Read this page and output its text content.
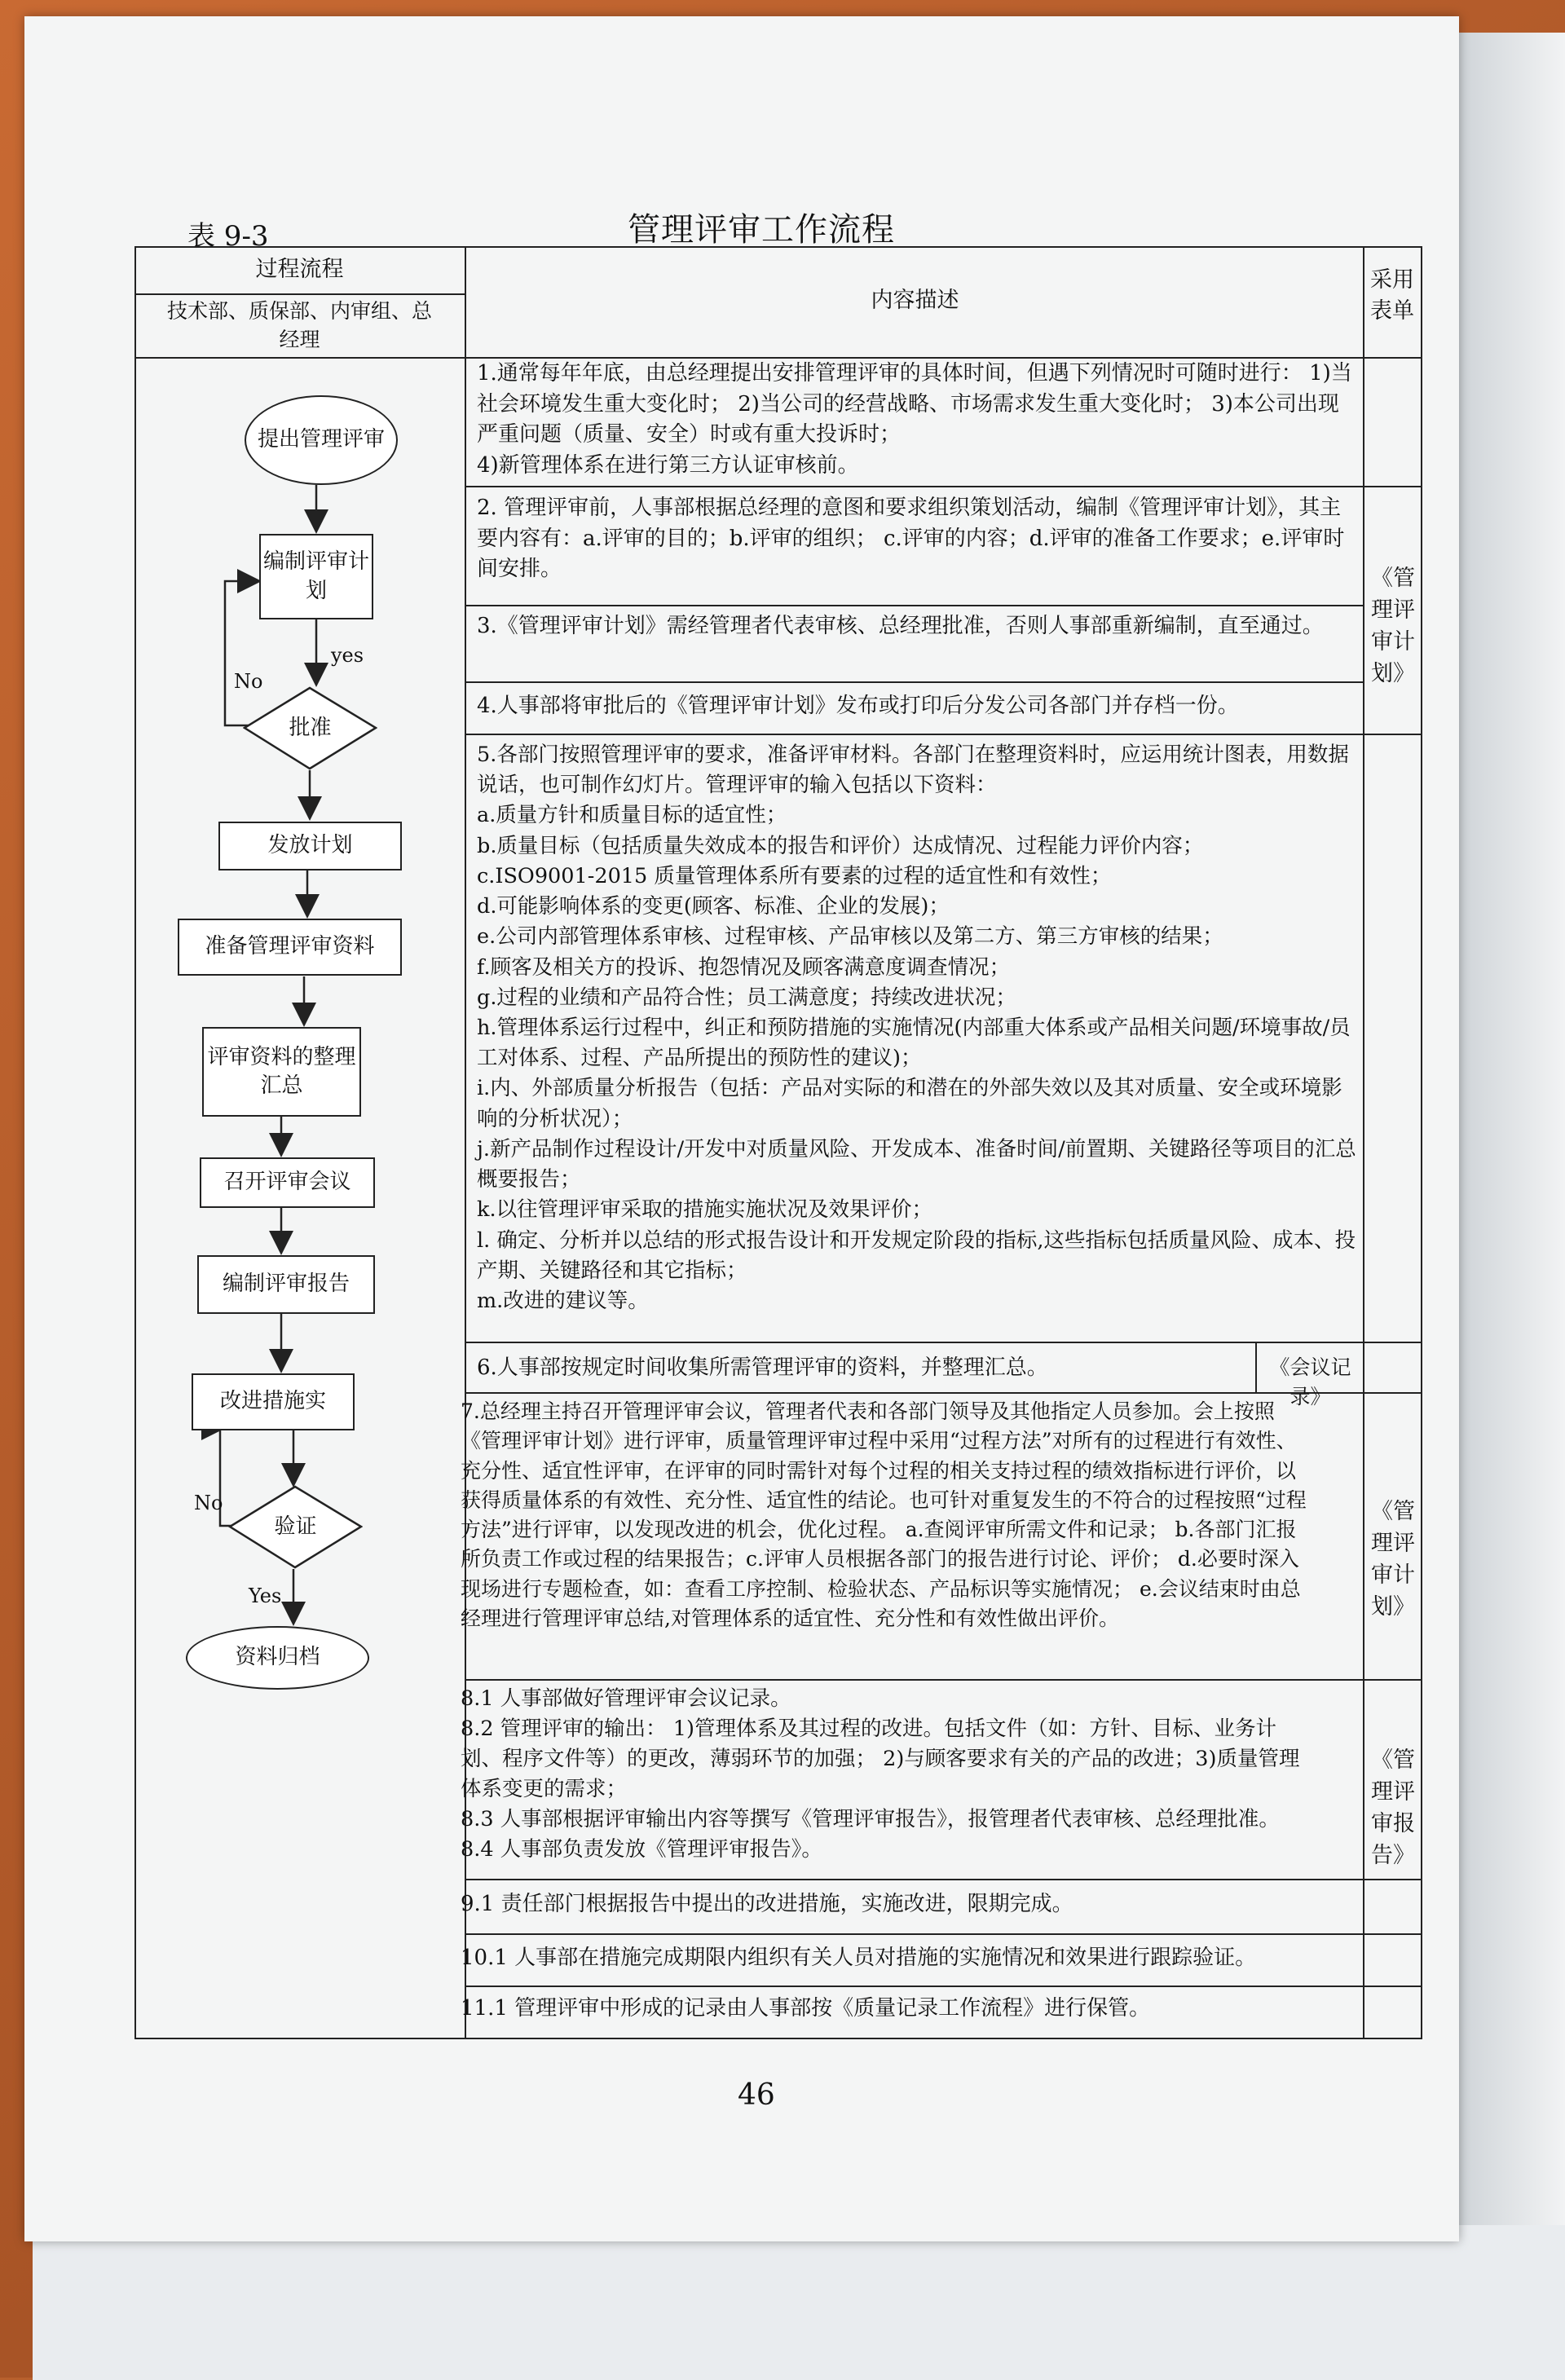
表 9-3	管理评审工作流程
过程流程
技术部、质保部、内审组、总经理
内容描述
采用表单
1.通常每年年底，由总经理提出安排管理评审的具体时间，但遇下列情况时可随时进行： 1)当社会环境发生重大变化时； 2)当公司的经营战略、市场需求发生重大变化时； 3)本公司出现严重问题（质量、安全）时或有重大投诉时；
4)新管理体系在进行第三方认证审核前。
2. 管理评审前，人事部根据总经理的意图和要求组织策划活动，编制《管理评审计划》，其主要内容有：a.评审的目的；b.评审的组织； c.评审的内容；d.评审的准备工作要求；e.评审时间安排。
3.《管理评审计划》需经管理者代表审核、总经理批准，否则人事部重新编制，直至通过。
4.人事部将审批后的《管理评审计划》发布或打印后分发公司各部门并存档一份。
5.各部门按照管理评审的要求，准备评审材料。各部门在整理资料时，应运用统计图表，用数据说话，也可制作幻灯片。管理评审的输入包括以下资料：
a.质量方针和质量目标的适宜性；
b.质量目标（包括质量失效成本的报告和评价）达成情况、过程能力评价内容；
c.ISO9001-2015 质量管理体系所有要素的过程的适宜性和有效性；
d.可能影响体系的变更(顾客、标准、企业的发展)；
e.公司内部管理体系审核、过程审核、产品审核以及第二方、第三方审核的结果；
f.顾客及相关方的投诉、抱怨情况及顾客满意度调查情况；
g.过程的业绩和产品符合性；员工满意度；持续改进状况；
h.管理体系运行过程中，纠正和预防措施的实施情况(内部重大体系或产品相关问题/环境事故/员工对体系、过程、产品所提出的预防性的建议)；
i.内、外部质量分析报告（包括：产品对实际的和潜在的外部失效以及其对质量、安全或环境影响的分析状况）；
j.新产品制作过程设计/开发中对质量风险、开发成本、准备时间/前置期、关键路径等项目的汇总概要报告；
k.以往管理评审采取的措施实施状况及效果评价；
l. 确定、分析并以总结的形式报告设计和开发规定阶段的指标,这些指标包括质量风险、成本、投产期、关键路径和其它指标；
m.改进的建议等。
6.人事部按规定时间收集所需管理评审的资料，并整理汇总。
7.总经理主持召开管理评审会议，管理者代表和各部门领导及其他指定人员参加。会上按照《管理评审计划》进行评审，质量管理评审过程中采用“过程方法”对所有的过程进行有效性、充分性、适宜性评审，在评审的同时需针对每个过程的相关支持过程的绩效指标进行评价，以获得质量体系的有效性、充分性、适宜性的结论。也可针对重复发生的不符合的过程按照“过程方法”进行评审，以发现改进的机会，优化过程。 a.查阅评审所需文件和记录； b.各部门汇报所负责工作或过程的结果报告；c.评审人员根据各部门的报告进行讨论、评价； d.必要时深入现场进行专题检查，如：查看工序控制、检验状态、产品标识等实施情况； e.会议结束时由总经理进行管理评审总结,对管理体系的适宜性、充分性和有效性做出评价。
8.1 人事部做好管理评审会议记录。
8.2 管理评审的输出： 1)管理体系及其过程的改进。包括文件（如：方针、目标、业务计划、程序文件等）的更改，薄弱环节的加强； 2)与顾客要求有关的产品的改进；3)质量管理体系变更的需求；
8.3 人事部根据评审输出内容等撰写《管理评审报告》，报管理者代表审核、总经理批准。
8.4 人事部负责发放《管理评审报告》。
9.1 责任部门根据报告中提出的改进措施，实施改进，限期完成。
10.1 人事部在措施完成期限内组织有关人员对措施的实施情况和效果进行跟踪验证。
11.1 管理评审中形成的记录由人事部按《质量记录工作流程》进行保管。
《管理评审计划》
《会议记录》
《管理评审计划》
《管理评审报告》
提出管理评审
编制评审计划
批准
发放计划
准备管理评审资料
评审资料的整理汇总
召开评审会议
编制评审报告
改进措施实
验证
资料归档
No
yes
No
Yes
46
